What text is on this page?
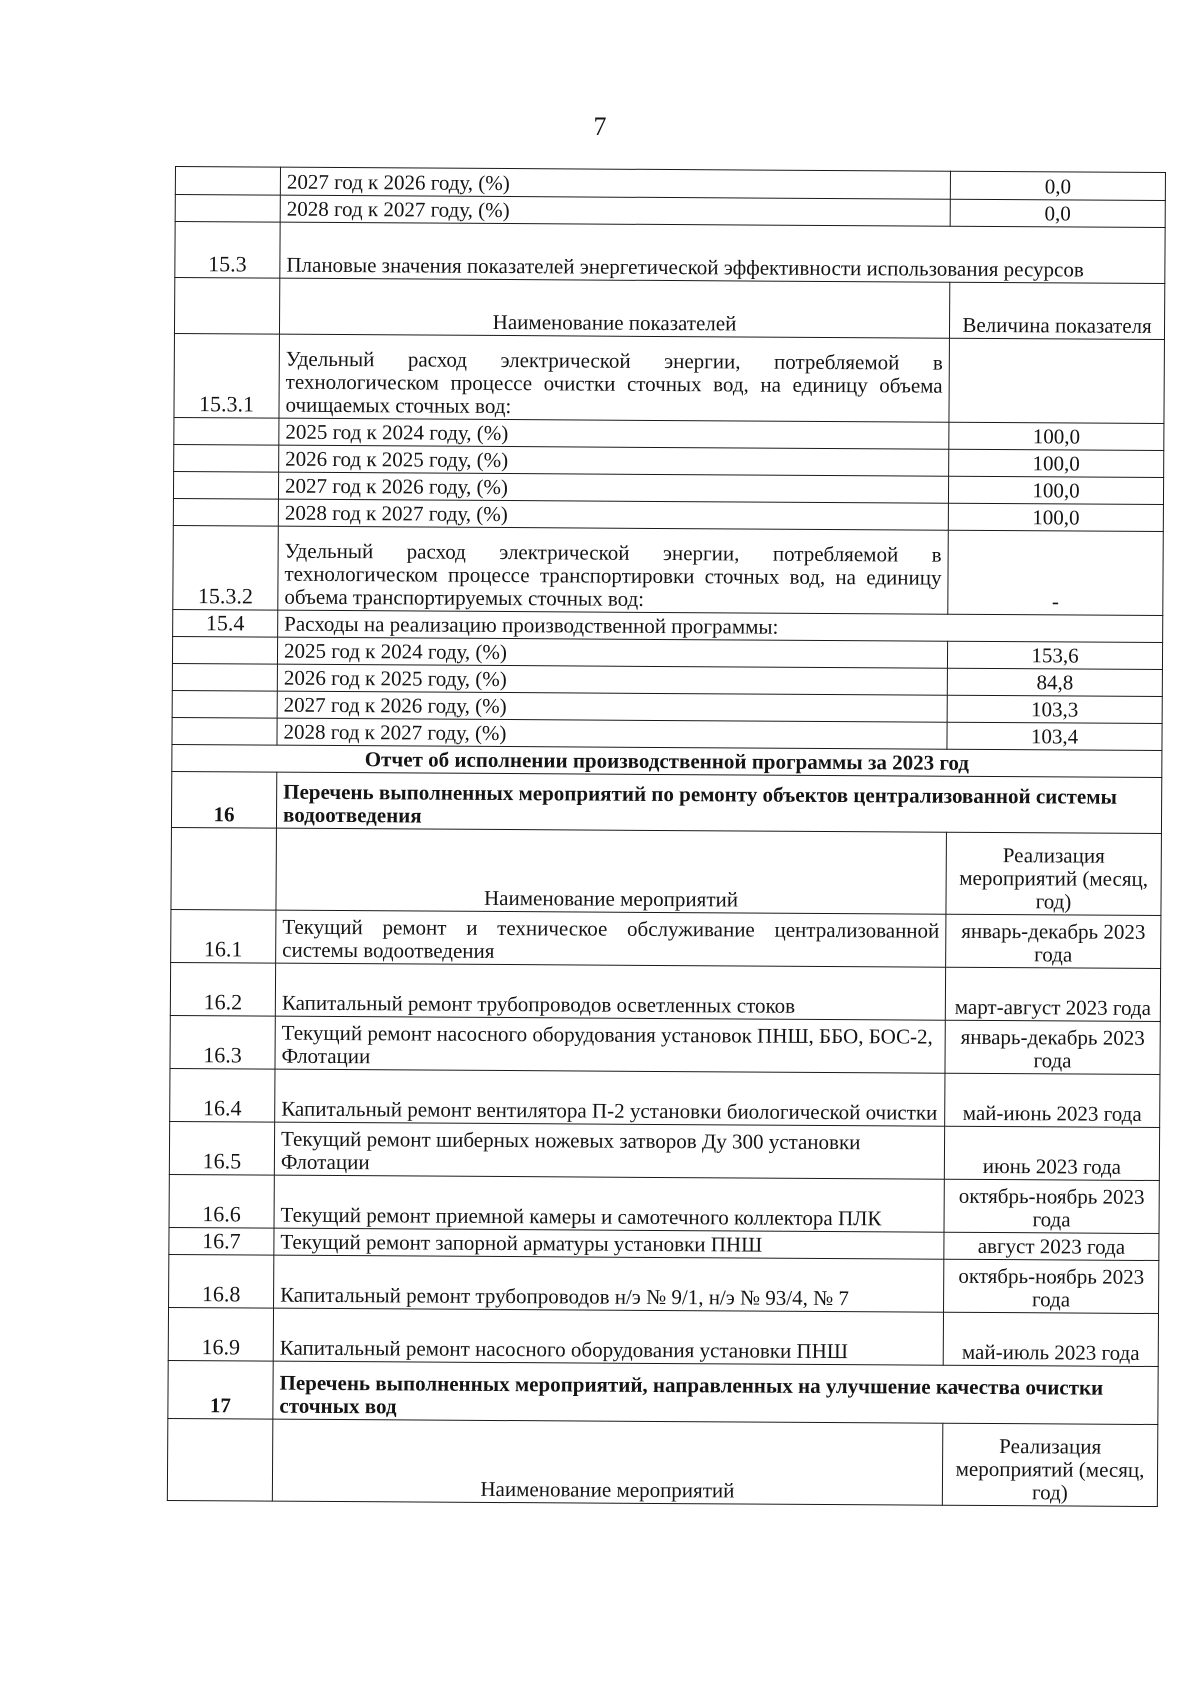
7
	2027 год к 2026 году, (%)	0,0
	2028 год к 2027 году, (%)	0,0
15.3	Плановые значения показателей энергетической эффективности использования ресурсов	
	Наименование показателей	Величина показателя
15.3.1	Удельный расход электрической энергии, потребляемой в технологическом процессе очистки сточных вод, на единицу объема очищаемых сточных вод:	
	2025 год к 2024 году, (%)	100,0
	2026 год к 2025 году, (%)	100,0
	2027 год к 2026 году, (%)	100,0
	2028 год к 2027 году, (%)	100,0
15.3.2	Удельный расход электрической энергии, потребляемой в технологическом процессе транспортировки сточных вод, на единицу объема транспортируемых сточных вод:	-
15.4	Расходы на реализацию производственной программы:	
	2025 год к 2024 году, (%)	153,6
	2026 год к 2025 году, (%)	84,8
	2027 год к 2026 году, (%)	103,3
	2028 год к 2027 году, (%)	103,4
Отчет об исполнении производственной программы за 2023 год		
16	Перечень выполненных мероприятий по ремонту объектов централизованной системы водоотведения	
	Наименование мероприятий	Реализация мероприятий (месяц, год)
16.1	Текущий ремонт и техническое обслуживание централизованной системы водоотведения	январь-декабрь 2023 года
16.2	Капитальный ремонт трубопроводов осветленных стоков	март-август 2023 года
16.3	Текущий ремонт насосного оборудования установок ПНШ, ББО, БОС-2, Флотации	январь-декабрь 2023 года
16.4	Капитальный ремонт вентилятора П-2 установки биологической очистки	май-июнь 2023 года
16.5	Текущий ремонт шиберных ножевых затворов Ду 300 установки Флотации	июнь 2023 года
16.6	Текущий ремонт приемной камеры и самотечного коллектора ПЛК	октябрь-ноябрь 2023 года
16.7	Текущий ремонт запорной арматуры установки ПНШ	август 2023 года
16.8	Капитальный ремонт трубопроводов н/э № 9/1, н/э № 93/4, № 7	октябрь-ноябрь 2023 года
16.9	Капитальный ремонт насосного оборудования установки ПНШ	май-июль 2023 года
17	Перечень выполненных мероприятий, направленных на улучшение качества очистки сточных вод	
	Наименование мероприятий	Реализация мероприятий (месяц, год)
